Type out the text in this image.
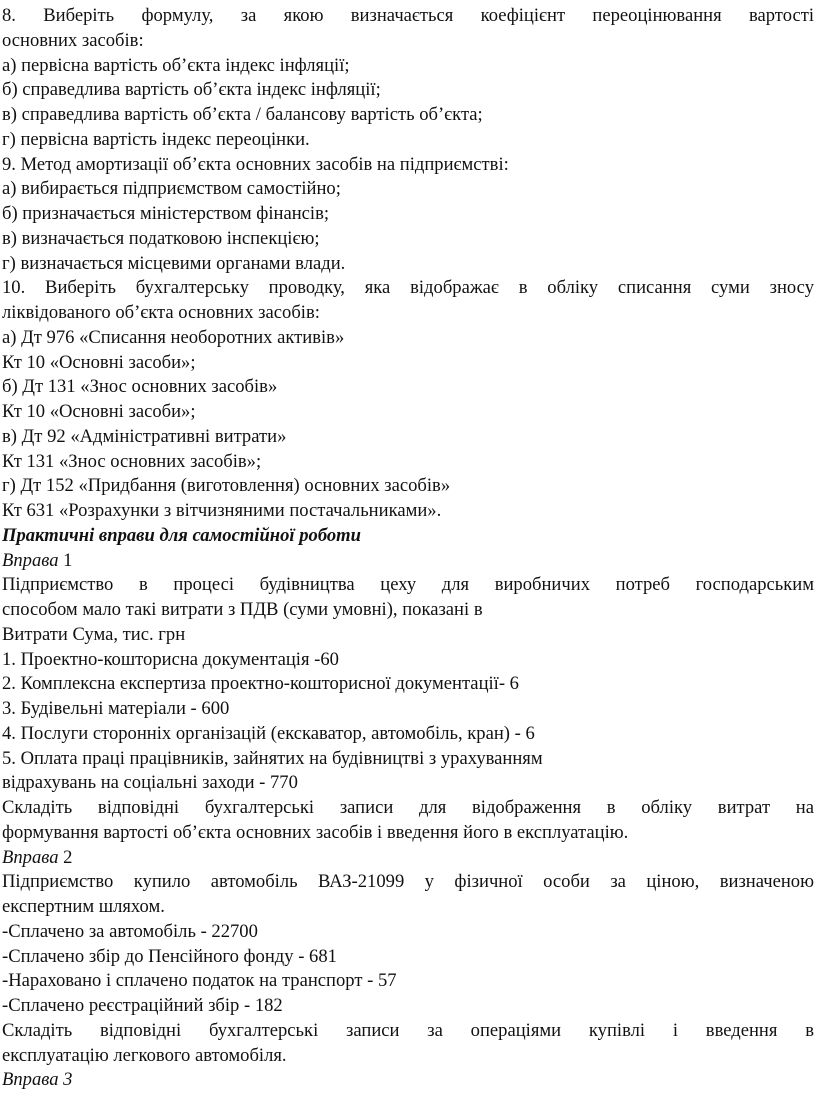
8. Виберіть формулу, за якою визначається коефіцієнт переоцінювання вартості
основних засобів:
а) первісна вартість об’єкта індекс інфляції;
б) справедлива вартість об’єкта індекс інфляції;
в) справедлива вартість об’єкта / балансову вартість об’єкта;
г) первісна вартість індекс переоцінки.
9. Метод амортизації об’єкта основних засобів на підприємстві:
а) вибирається підприємством самостійно;
б) призначається міністерством фінансів;
в) визначається податковою інспекцією;
г) визначається місцевими органами влади.
10. Виберіть бухгалтерську проводку, яка відображає в обліку списання суми зносу
ліквідованого об’єкта основних засобів:
а) Дт 976 «Списання необоротних активів»
Кт 10 «Основні засоби»;
б) Дт 131 «Знос основних засобів»
Кт 10 «Основні засоби»;
в) Дт 92 «Адміністративні витрати»
Кт 131 «Знос основних засобів»;
г) Дт 152 «Придбання (виготовлення) основних засобів»
Кт 631 «Розрахунки з вітчизняними постачальниками».
Практичні вправи для самостійної роботи
Вправа 1
Підприємство в процесі будівництва цеху для виробничих потреб господарським
способом мало такі витрати з ПДВ (суми умовні), показані в
Витрати Сума, тис. грн
1. Проектно-кошторисна документація -60
2. Комплексна експертиза проектно-кошторисної документації- 6
3. Будівельні матеріали - 600
4. Послуги сторонніх організацій (екскаватор, автомобіль, кран) - 6
5. Оплата праці працівників, зайнятих на будівництві з урахуванням
відрахувань на соціальні заходи - 770
Складіть відповідні бухгалтерські записи для відображення в обліку витрат на
формування вартості об’єкта основних засобів і введення його в експлуатацію.
Вправа 2
Підприємство купило автомобіль ВАЗ-21099 у фізичної особи за ціною, визначеною
експертним шляхом.
-Сплачено за автомобіль - 22700
-Сплачено збір до Пенсійного фонду - 681
-Нараховано і сплачено податок на транспорт - 57
-Сплачено реєстраційний збір - 182
Складіть відповідні бухгалтерські записи за операціями купівлі і введення в
експлуатацію легкового автомобіля.
Вправа 3
